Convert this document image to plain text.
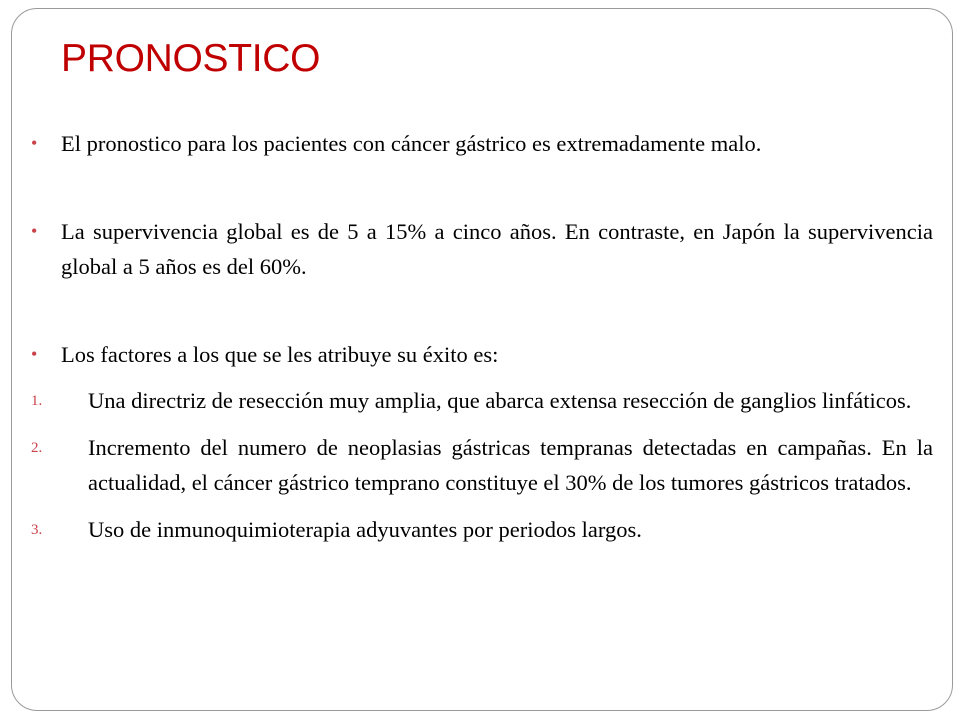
PRONOSTICO

• El pronostico para los pacientes con cáncer gástrico es extremadamente malo.

• La supervivencia global es de 5 a 15% a cinco años. En contraste, en Japón la supervivencia global a 5 años es del 60%.

• Los factores a los que se les atribuye su éxito es:

1. Una directriz de resección muy amplia, que abarca extensa resección de ganglios linfáticos.

2. Incremento del numero de neoplasias gástricas tempranas detectadas en campañas. En la actualidad, el cáncer gástrico temprano constituye el 30% de los tumores gástricos tratados.

3. Uso de inmunoquimioterapia adyuvantes por periodos largos.
